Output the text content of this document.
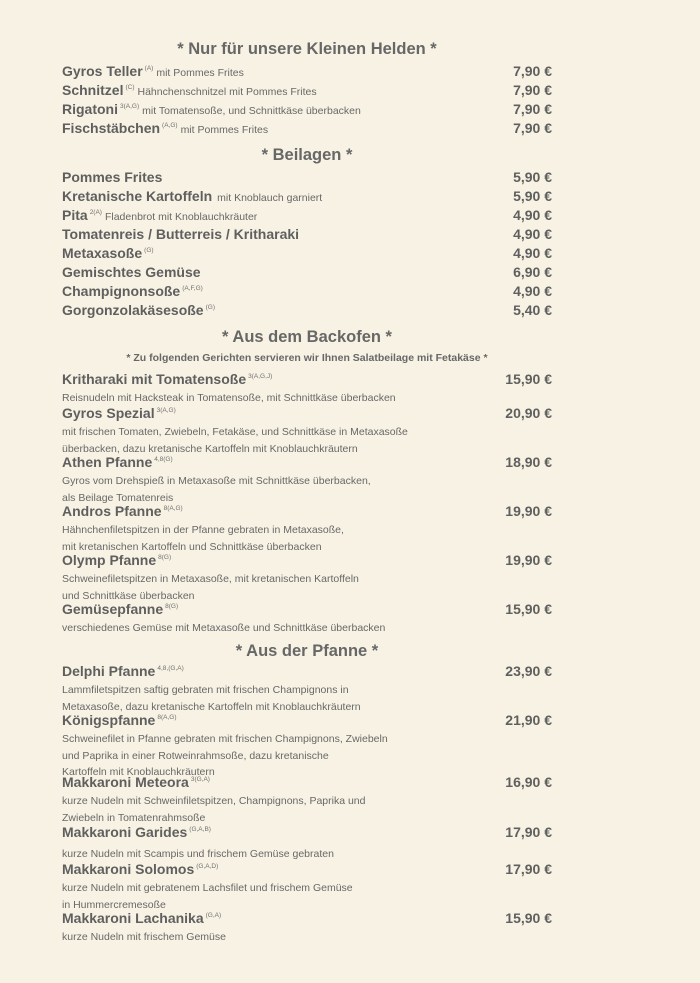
* Nur für unsere Kleinen Helden *
Gyros Teller $^{(A)}$ mit Pommes Frites	7,90 €
Schnitzel $^{(C)}$ Hähnchenschnitzel mit Pommes Frites	7,90 €
Rigatoni $^{3(A,G)}$ mit Tomatensoße, und Schnittkäse überbacken	7,90 €
Fischstäbchen $^{(A,G)}$ mit Pommes Frites	7,90 €
* Beilagen *
Pommes Frites	5,90 €
Kretanische Kartoffeln mit Knoblauch garniert	5,90 €
Pita $^{2(A)}$ Fladenbrot mit Knoblauchkräuter	4,90 €
Tomatenreis / Butterreis / Kritharaki	4,90 €
Metaxasoße $^{(G)}$	4,90 €
Gemischtes Gemüse	6,90 €
Champignonsoße $^{(A,F,G)}$	4,90 €
Gorgonzolakäsesoße $^{(G)}$	5,40 €
* Aus dem Backofen *
* Zu folgenden Gerichten servieren wir Ihnen Salatbeilage mit Fetakäse *
Kritharaki mit Tomatensoße $^{3(A,G,J)}$	15,90 €
Reisnudeln mit Hacksteak in Tomatensoße, mit Schnittkäse überbacken
Gyros Spezial $^{3(A,G)}$	20,90 €
mit frischen Tomaten, Zwiebeln, Fetakäse, und Schnittkäse in Metaxasoße
überbacken, dazu kretanische Kartoffeln mit Knoblauchkräutern
Athen Pfanne $^{4,8(G)}$	18,90 €
Gyros vom Drehspieß in Metaxasoße mit Schnittkäse überbacken,
als Beilage Tomatenreis
Andros Pfanne $^{8(A,G)}$	19,90 €
Hähnchenfiletspitzen in der Pfanne gebraten in Metaxasoße,
mit kretanischen Kartoffeln und Schnittkäse überbacken
Olymp Pfanne $^{8(G)}$	19,90 €
Schweinefiletspitzen in Metaxasoße, mit kretanischen Kartoffeln
und Schnittkäse überbacken
Gemüsepfanne $^{8(G)}$	15,90 €
verschiedenes Gemüse mit Metaxasoße und Schnittkäse überbacken
* Aus der Pfanne *
Delphi Pfanne $^{4,8,(G,A)}$	23,90 €
Lammfiletspitzen saftig gebraten mit frischen Champignons in
Metaxasoße, dazu kretanische Kartoffeln mit Knoblauchkräutern
Königspfanne $^{8(A,G)}$	21,90 €
Schweinefilet in Pfanne gebraten mit frischen Champignons, Zwiebeln
und Paprika in einer Rotweinrahmsoße, dazu kretanische
Kartoffeln mit Knoblauchkräutern
Makkaroni Meteora $^{3(G,A)}$	16,90 €
kurze Nudeln mit Schweinfiletspitzen, Champignons, Paprika und
Zwiebeln in Tomatenrahmsoße
Makkaroni Garides $^{(G,A,B)}$	17,90 €
kurze Nudeln mit Scampis und frischem Gemüse gebraten
Makkaroni Solomos $^{(G,A,D)}$	17,90 €
kurze Nudeln mit gebratenem Lachsfilet und frischem Gemüse
in Hummercremesoße
Makkaroni Lachanika $^{(G,A)}$	15,90 €
kurze Nudeln mit frischem Gemüse
